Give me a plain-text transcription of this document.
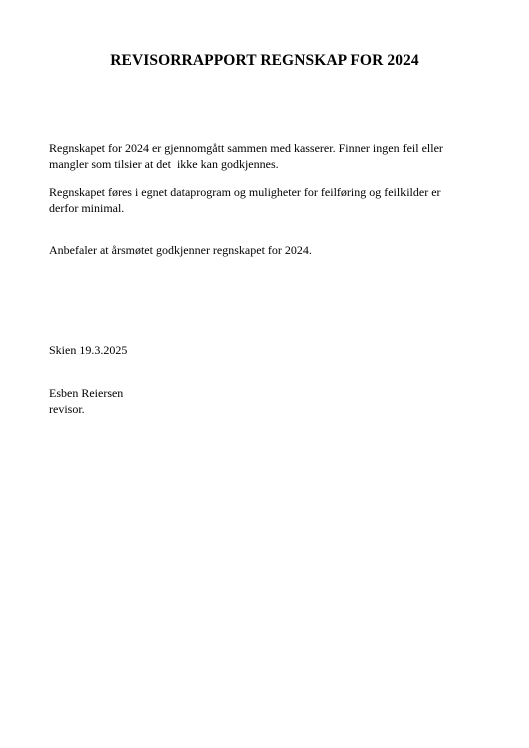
REVISORRAPPORT REGNSKAP FOR 2024
Regnskapet for 2024 er gjennomgått sammen med kasserer. Finner ingen feil eller
mangler som tilsier at det  ikke kan godkjennes.
Regnskapet føres i egnet dataprogram og muligheter for feilføring og feilkilder er
derfor minimal.
Anbefaler at årsmøtet godkjenner regnskapet for 2024.
Skien 19.3.2025
Esben Reiersen
revisor.
